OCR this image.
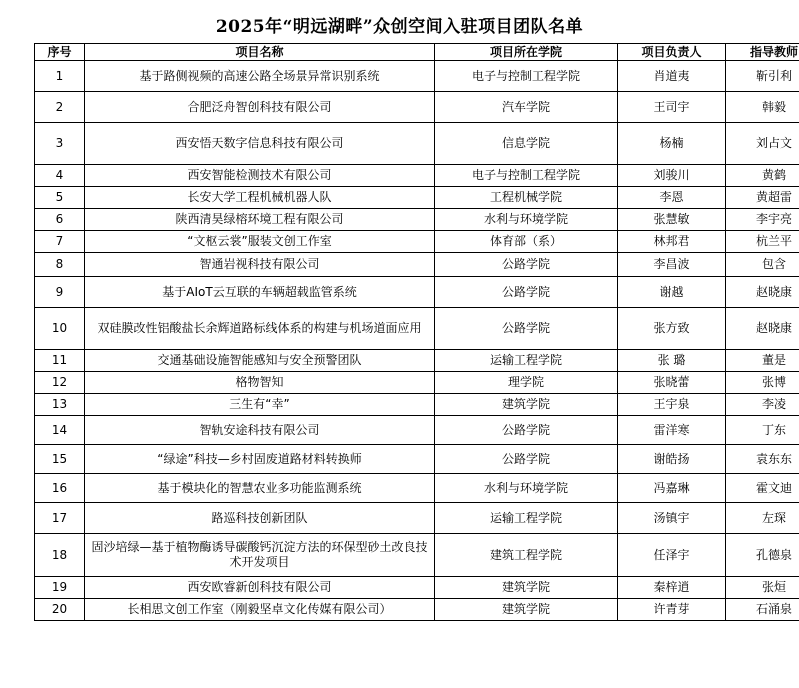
2025年“明远湖畔”众创空间入驻项目团队名单
序号	项目名称	项目所在学院	项目负责人	指导教师
1	基于路侧视频的高速公路全场景异常识别系统	电子与控制工程学院	肖道夷	靳引利
2	合肥泛舟智创科技有限公司	汽车学院	王司宇	韩毅
3	西安悟天数字信息科技有限公司	信息学院	杨楠	刘占文
4	西安智能检测技术有限公司	电子与控制工程学院	刘骏川	黄鹤
5	长安大学工程机械机器人队	工程机械学院	李恩	黄超雷
6	陕西清昊绿榕环境工程有限公司	水利与环境学院	张慧敏	李宇亮
7	“文枢云裳”服装文创工作室	体育部（系）	林邦君	杭兰平
8	智通岩视科技有限公司	公路学院	李昌波	包含
9	基于AIoT云互联的车辆超载监管系统	公路学院	谢越	赵晓康
10	双硅膜改性铝酸盐长余辉道路标线体系的构建与机场道面应用	公路学院	张方致	赵晓康
11	交通基础设施智能感知与安全预警团队	运输工程学院	张 璐	董是
12	格物智知	理学院	张晓蕾	张博
13	三生有“幸”	建筑学院	王宇泉	李凌
14	智轨安途科技有限公司	公路学院	雷洋寒	丁东
15	“绿途”科技—乡村固废道路材料转换师	公路学院	谢皓扬	袁东东
16	基于模块化的智慧农业多功能监测系统	水利与环境学院	冯嘉琳	霍文迪
17	路巡科技创新团队	运输工程学院	汤镇宇	左琛
18	固沙培绿—基于植物酶诱导碳酸钙沉淀方法的环保型砂土改良技术开发项目	建筑工程学院	任泽宇	孔德泉
19	西安欧睿新创科技有限公司	建筑学院	秦梓逍	张烜
20	长相思文创工作室（刚毅坚卓文化传媒有限公司）	建筑学院	许青芽	石涌泉
